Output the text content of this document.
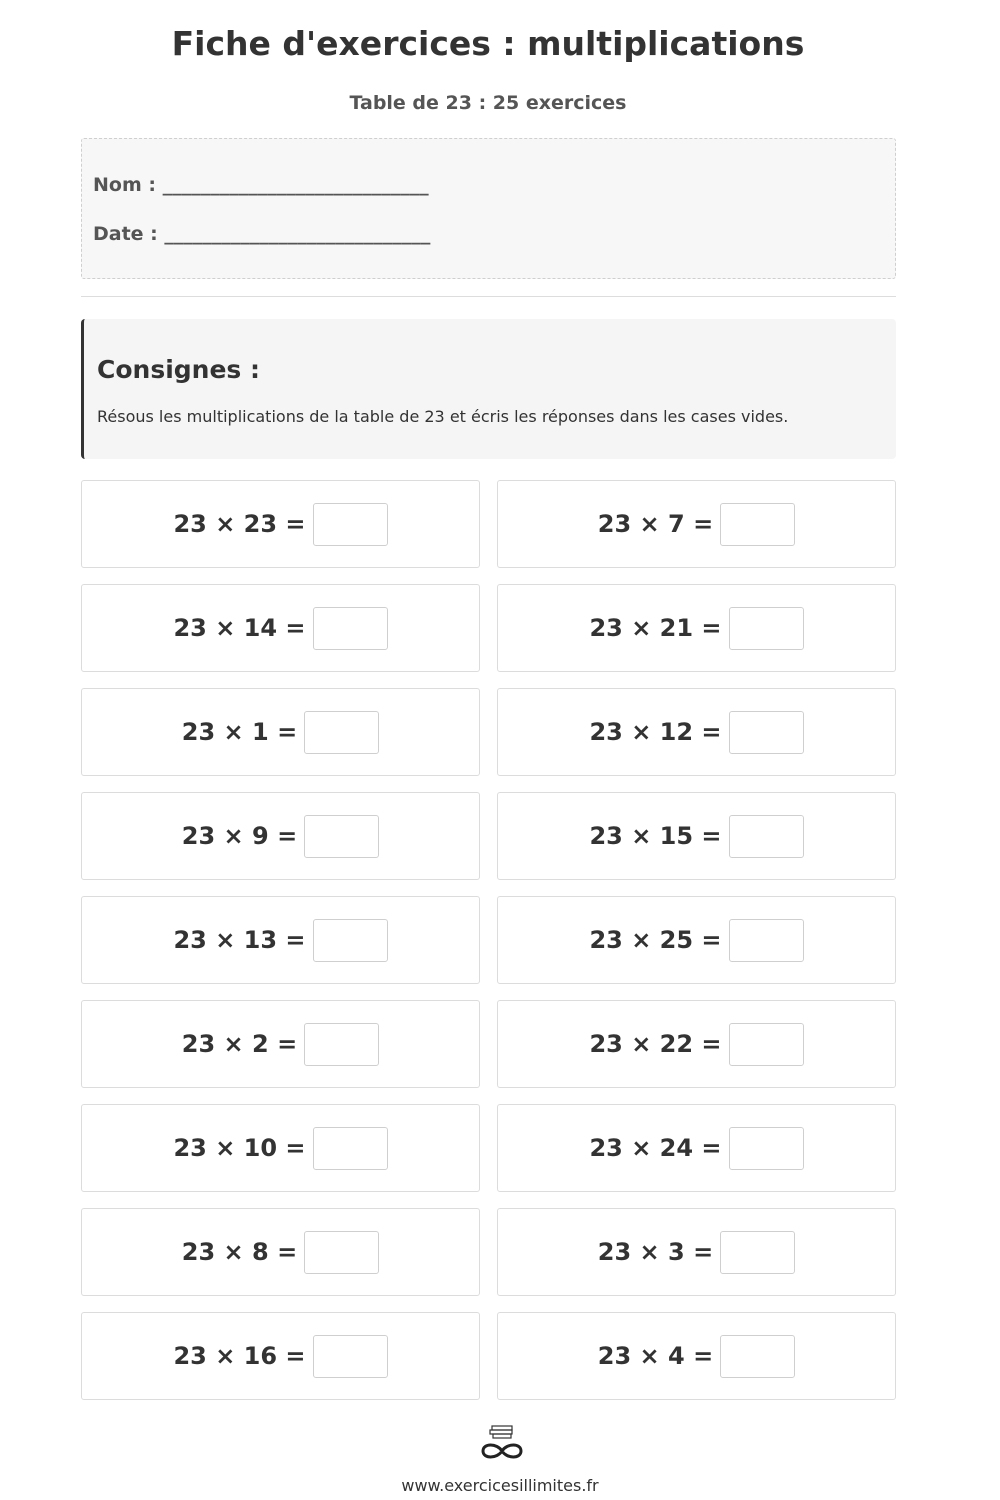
Fiche d'exercices : multiplications
Table de 23 : 25 exercices
Nom : ____________________________
Date : ____________________________
Consignes :
Résous les multiplications de la table de 23 et écris les réponses dans les cases vides.
23 × 23 =	23 × 7 =
23 × 14 =	23 × 21 =
23 × 1 =	23 × 12 =
23 × 9 =	23 × 15 =
23 × 13 =	23 × 25 =
23 × 2 =	23 × 22 =
23 × 10 =	23 × 24 =
23 × 8 =	23 × 3 =
23 × 16 =	23 × 4 =
www.exercicesillimites.fr
